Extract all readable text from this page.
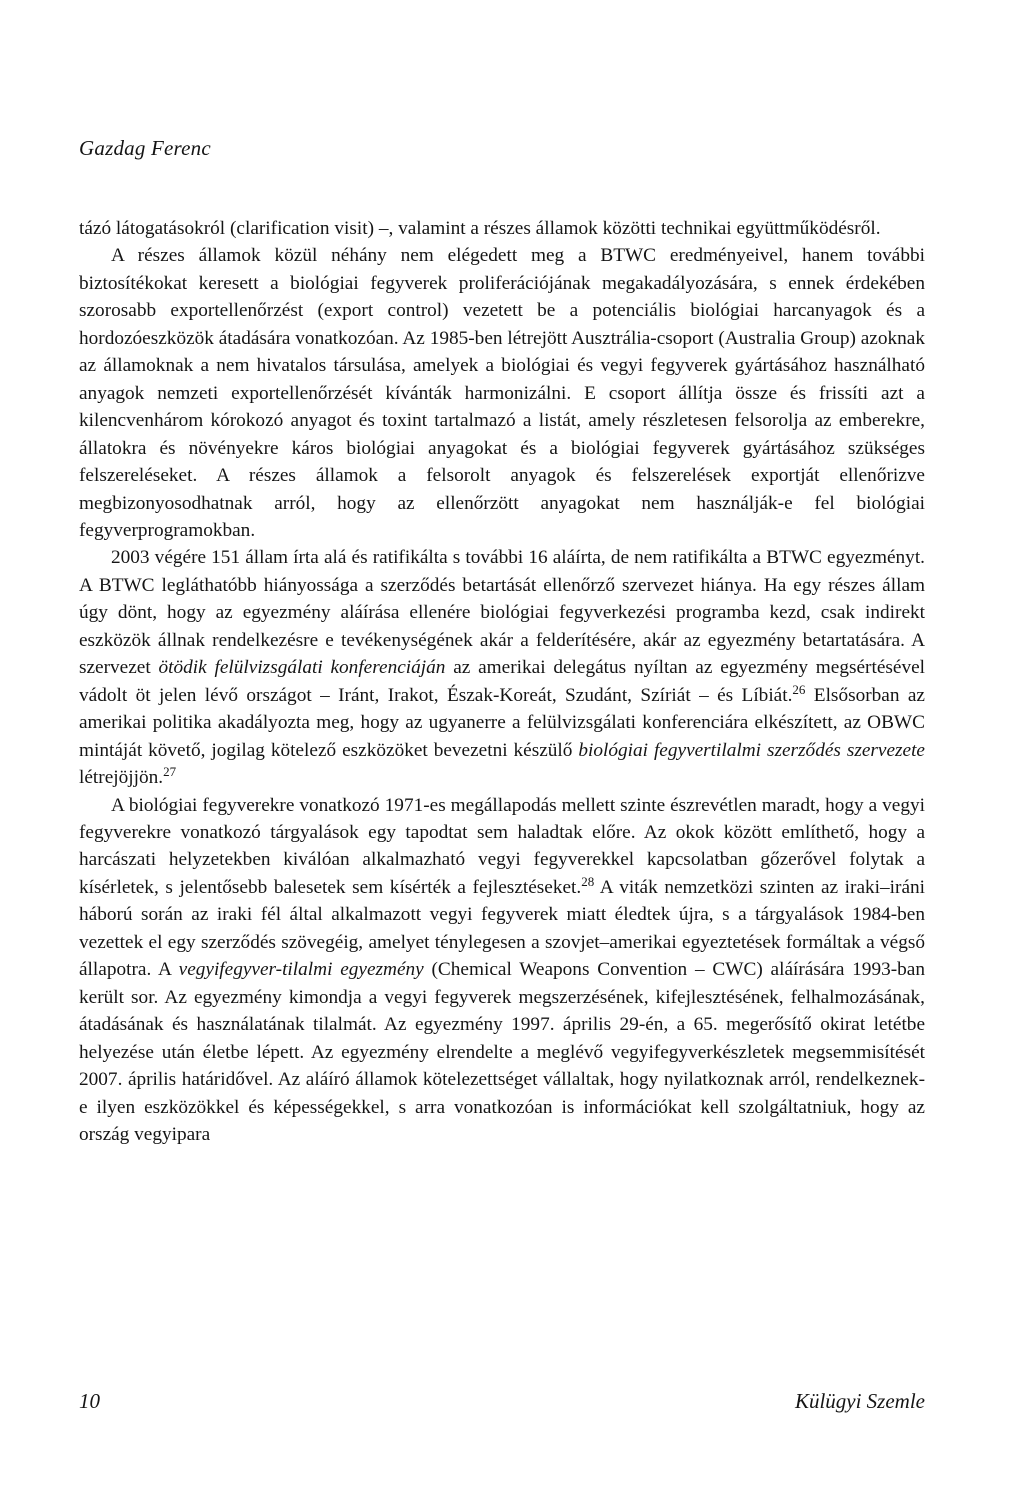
Gazdag Ferenc

tázó látogatásokról (clarification visit) –, valamint a részes államok közötti technikai együttműködésről.

A részes államok közül néhány nem elégedett meg a BTWC eredményeivel, hanem további biztosítékokat keresett a biológiai fegyverek proliferációjának megakadályozására, s ennek érdekében szorosabb exportellenőrzést (export control) vezetett be a potenciális biológiai harcanyagok és a hordozóeszközök átadására vonatkozóan. Az 1985-ben létrejött Ausztrália-csoport (Australia Group) azoknak az államoknak a nem hivatalos társulása, amelyek a biológiai és vegyi fegyverek gyártásához használható anyagok nemzeti exportellenőrzését kívánták harmonizálni. E csoport állítja össze és frissíti azt a kilencvenhárom kórokozó anyagot és toxint tartalmazó a listát, amely részletesen felsorolja az emberekre, állatokra és növényekre káros biológiai anyagokat és a biológiai fegyverek gyártásához szükséges felszereléseket. A részes államok a felsorolt anyagok és felszerelések exportját ellenőrizve megbizonyosodhatnak arról, hogy az ellenőrzött anyagokat nem használják-e fel biológiai fegyverprogramokban.

2003 végére 151 állam írta alá és ratifikálta s további 16 aláírta, de nem ratifikálta a BTWC egyezményt. A BTWC legláthatóbb hiányossága a szerződés betartását ellenőrző szervezet hiánya. Ha egy részes állam úgy dönt, hogy az egyezmény aláírása ellenére biológiai fegyverkezési programba kezd, csak indirekt eszközök állnak rendelkezésre e tevékenységének akár a felderítésére, akár az egyezmény betartatására. A szervezet ötödik felülvizsgálati konferenciáján az amerikai delegátus nyíltan az egyezmény megsértésével vádolt öt jelen lévő országot – Iránt, Irakot, Észak-Koreát, Szudánt, Szíriát – és Líbiát.$^{26}$ Elsősorban az amerikai politika akadályozta meg, hogy az ugyanerre a felülvizsgálati konferenciára elkészített, az OBWC mintáját követő, jogilag kötelező eszközöket bevezetni készülő biológiai fegyvertilalmi szerződés szervezete létrejöjjön.$^{27}$

A biológiai fegyverekre vonatkozó 1971-es megállapodás mellett szinte észrevétlen maradt, hogy a vegyi fegyverekre vonatkozó tárgyalások egy tapodtat sem haladtak előre. Az okok között említhető, hogy a harcászati helyzetekben kiválóan alkalmazható vegyi fegyverekkel kapcsolatban gőzerővel folytak a kísérletek, s jelentősebb balesetek sem kísérték a fejlesztéseket.$^{28}$ A viták nemzetközi szinten az iraki–iráni háború során az iraki fél által alkalmazott vegyi fegyverek miatt éledtek újra, s a tárgyalások 1984-ben vezettek el egy szerződés szövegéig, amelyet ténylegesen a szovjet–amerikai egyeztetések formáltak a végső állapotra. A vegyifegyver-tilalmi egyezmény (Chemical Weapons Convention – CWC) aláírására 1993-ban került sor. Az egyezmény kimondja a vegyi fegyverek megszerzésének, kifejlesztésének, felhalmozásának, átadásának és használatának tilalmát. Az egyezmény 1997. április 29-én, a 65. megerősítő okirat letétbe helyezése után életbe lépett. Az egyezmény elrendelte a meglévő vegyifegyverkészletek megsemmisítését 2007. április határidővel. Az aláíró államok kötelezettséget vállaltak, hogy nyilatkoznak arról, rendelkeznek-e ilyen eszközökkel és képességekkel, s arra vonatkozóan is információkat kell szolgáltatniuk, hogy az ország vegyipara

10	Külügyi Szemle
